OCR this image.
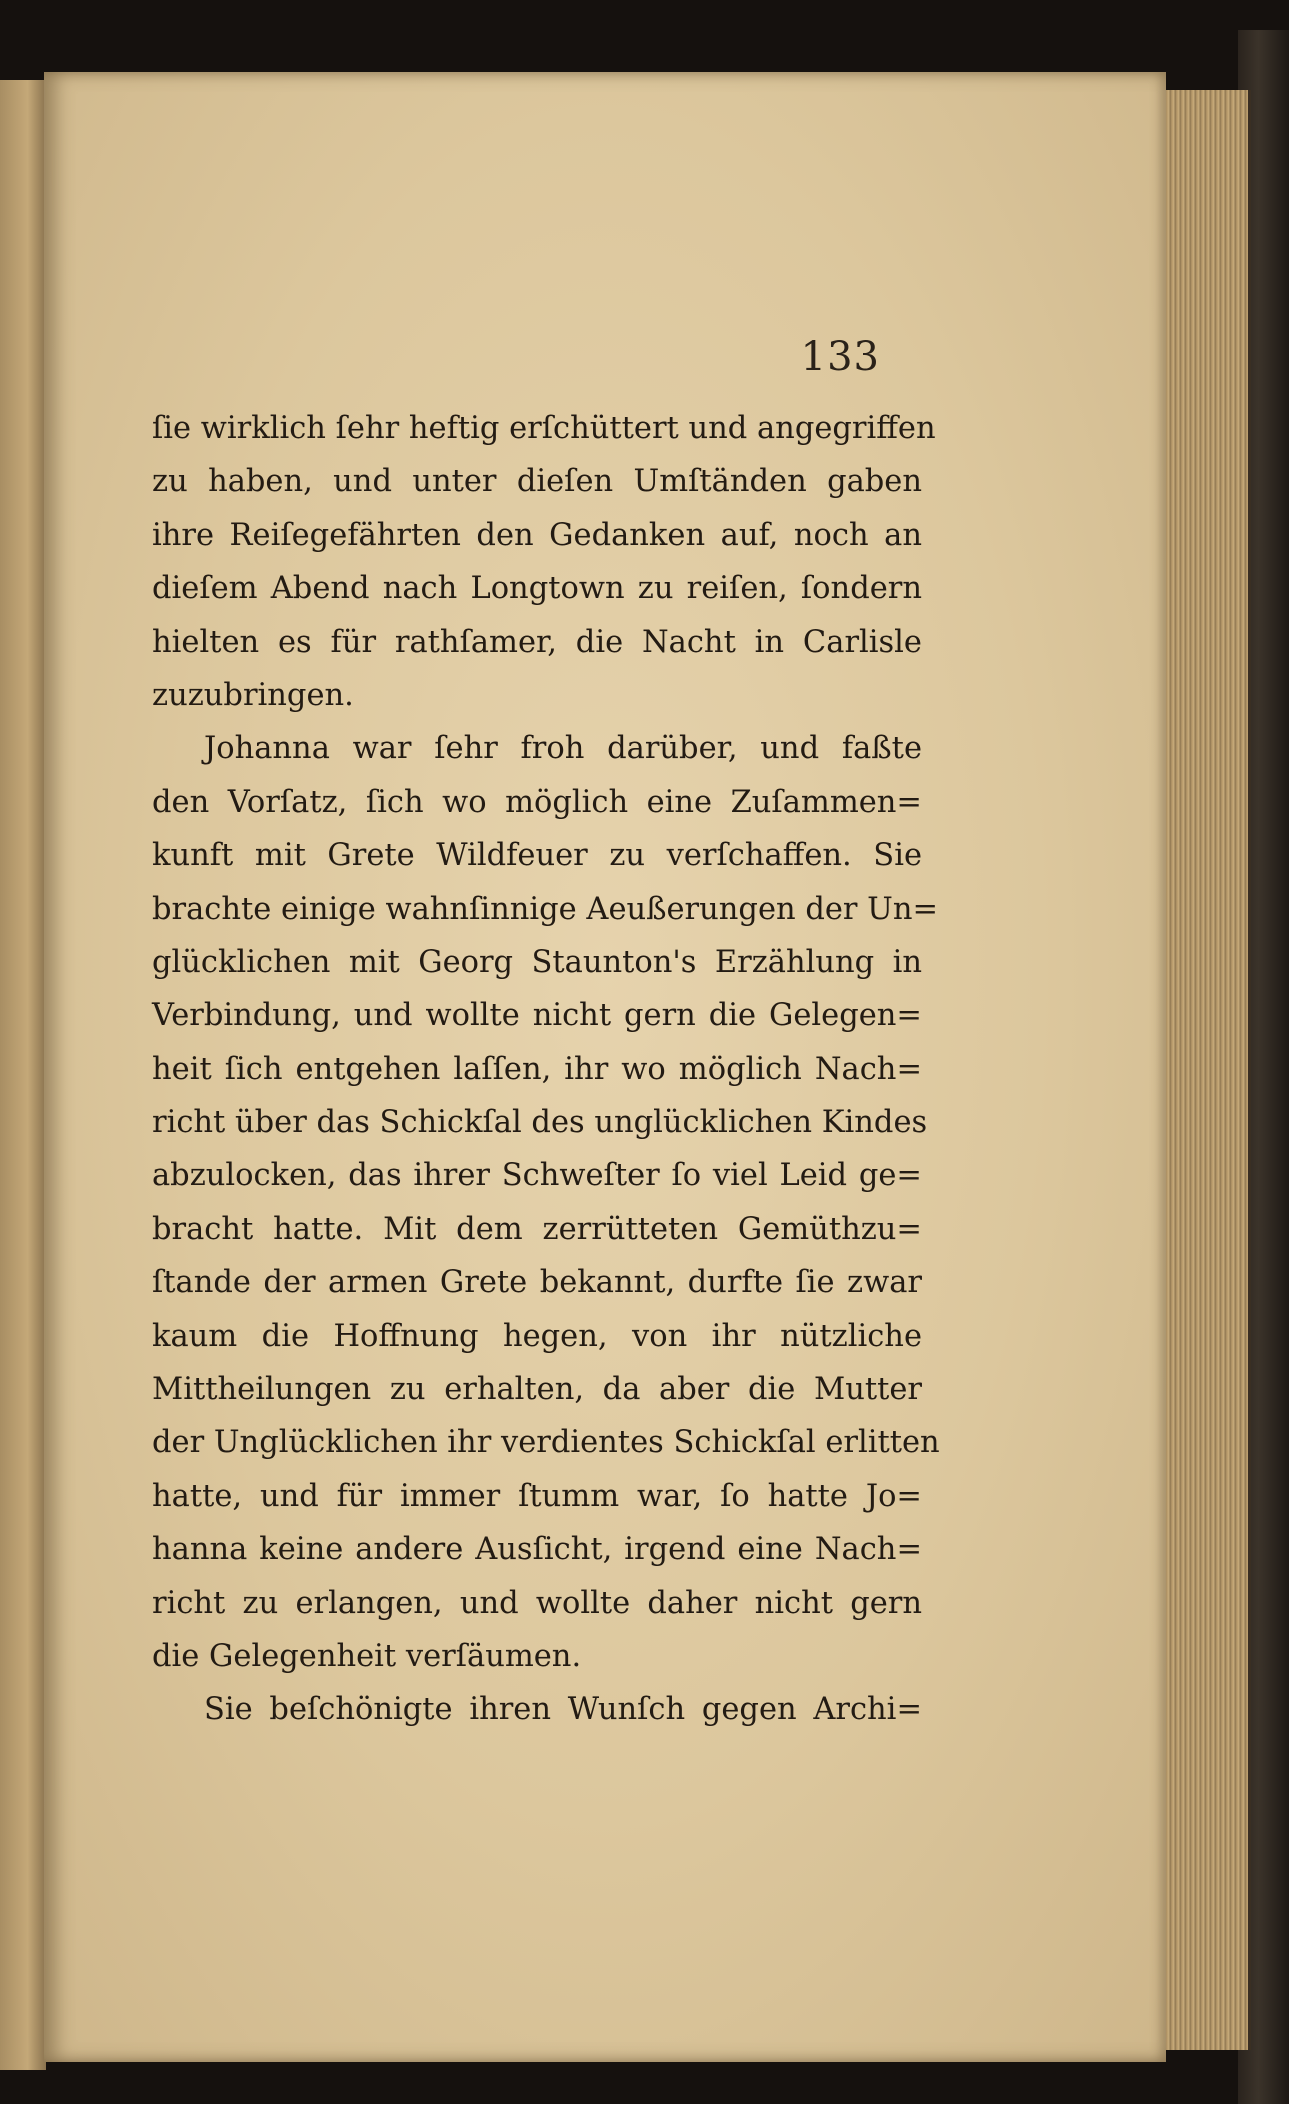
133
ſie wirklich ſehr heftig erſchüttert und angegriffen
zu haben, und unter dieſen Umſtänden gaben
ihre Reiſegefährten den Gedanken auf, noch an
dieſem Abend nach Longtown zu reiſen, ſondern
hielten es für rathſamer, die Nacht in Carlisle
zuzubringen.
Johanna war ſehr froh darüber, und faßte
den Vorſatz, ſich wo möglich eine Zuſammen=
kunft mit Grete Wildfeuer zu verſchaffen. Sie
brachte einige wahnſinnige Aeußerungen der Un=
glücklichen mit Georg Staunton's Erzählung in
Verbindung, und wollte nicht gern die Gelegen=
heit ſich entgehen laſſen, ihr wo möglich Nach=
richt über das Schickſal des unglücklichen Kindes
abzulocken, das ihrer Schweſter ſo viel Leid ge=
bracht hatte. Mit dem zerrütteten Gemüthzu=
ſtande der armen Grete bekannt, durfte ſie zwar
kaum die Hoffnung hegen, von ihr nützliche
Mittheilungen zu erhalten, da aber die Mutter
der Unglücklichen ihr verdientes Schickſal erlitten
hatte, und für immer ſtumm war, ſo hatte Jo=
hanna keine andere Ausſicht, irgend eine Nach=
richt zu erlangen, und wollte daher nicht gern
die Gelegenheit verſäumen.
Sie beſchönigte ihren Wunſch gegen Archi=
